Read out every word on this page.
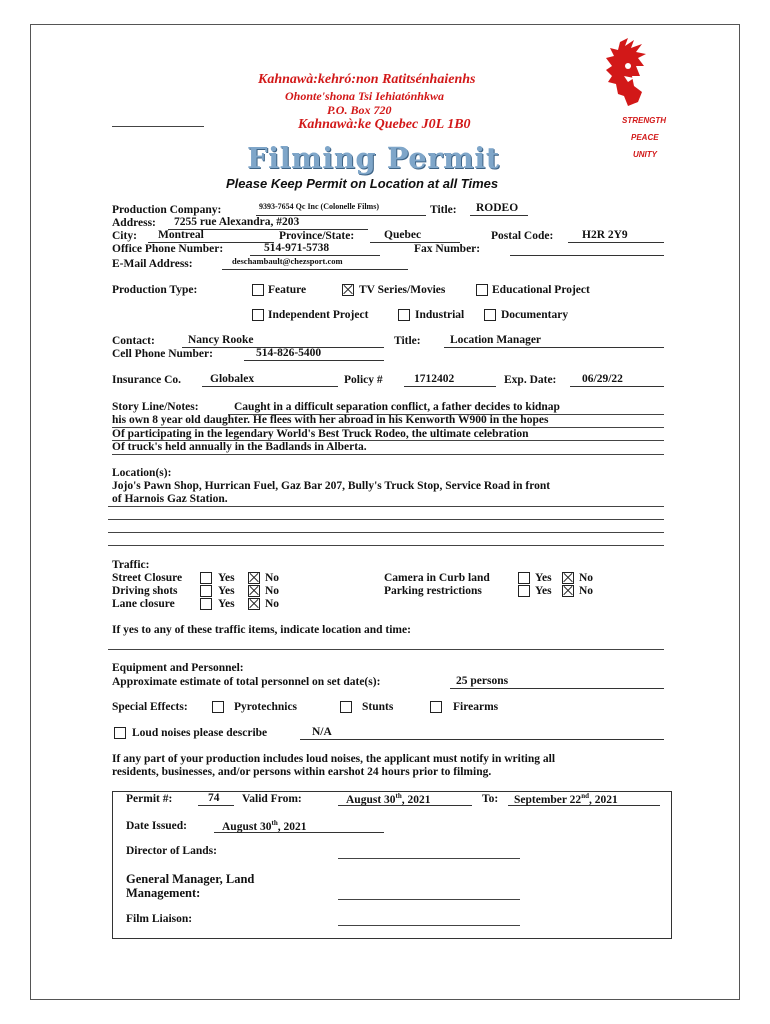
Kahnawà:kehró:non Ratitsénhaienhs
Ohonte'shona Tsi Iehiatónhkwa
P.O. Box 720
Kahnawà:ke Quebec J0L 1B0	STRENGTH
PEACE
UNITY
Filming Permit
Please Keep Permit on Location at all Times
Production Company:	9393-7654 Qc Inc (Colonelle Films)	Title: RODEO
Address: 7255 rue Alexandra, #203
City: Montreal	Province/State:	Quebec	Postal Code: H2R 2Y9
Office Phone Number:	514-971-5738	Fax Number:
E-Mail Address:	deschambault@chezsport.com
Production Type:	Feature	TV Series/Movies	Educational Project
Independent Project	Industrial	Documentary
Contact:	Nancy Rooke	Title:	Location Manager
Cell Phone Number:	514-826-5400
Insurance Co.	Globalex	Policy #	1712402	Exp. Date: 06/29/22
Story Line/Notes:	Caught in a difficult separation conflict, a father decides to kidnap
his own 8 year old daughter. He flees with her abroad in his Kenworth W900 in the hopes
Of participating in the legendary World's Best Truck Rodeo, the ultimate celebration
Of truck's held annually in the Badlands in Alberta.
Location(s):
Jojo's Pawn Shop, Hurrican Fuel, Gaz Bar 207, Bully's Truck Stop, Service Road in front
of Harnois Gaz Station.
Traffic:
Street Closure	Yes	No
Driving shots	Yes	No
Lane closure	Yes	No
Camera in Curb land	Yes No
Parking restrictions	Yes No
If yes to any of these traffic items, indicate location and time:
Equipment and Personnel:
Approximate estimate of total personnel on set date(s):	25 persons
Special Effects:	Pyrotechnics	Stunts	Firearms
Loud noises please describe	N/A
If any part of your production includes loud noises, the applicant must notify in writing all
residents, businesses, and/or persons within earshot 24 hours prior to filming.
Permit #:	74 Valid From:	August 30th, 2021	To: September 22nd, 2021
Date Issued:	August 30th, 2021
Director of Lands:
General Manager, Land
Management:
Film Liaison:
